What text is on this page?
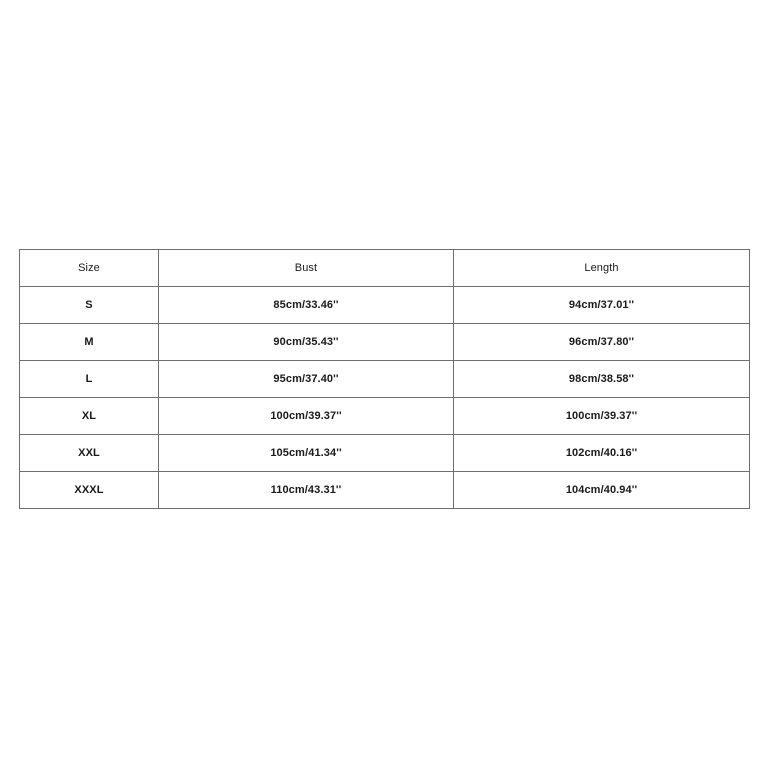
Size	Bust	Length
S	85cm/33.46''	94cm/37.01''
M	90cm/35.43''	96cm/37.80''
L	95cm/37.40''	98cm/38.58''
XL	100cm/39.37''	100cm/39.37''
XXL	105cm/41.34''	102cm/40.16''
XXXL	110cm/43.31''	104cm/40.94''
